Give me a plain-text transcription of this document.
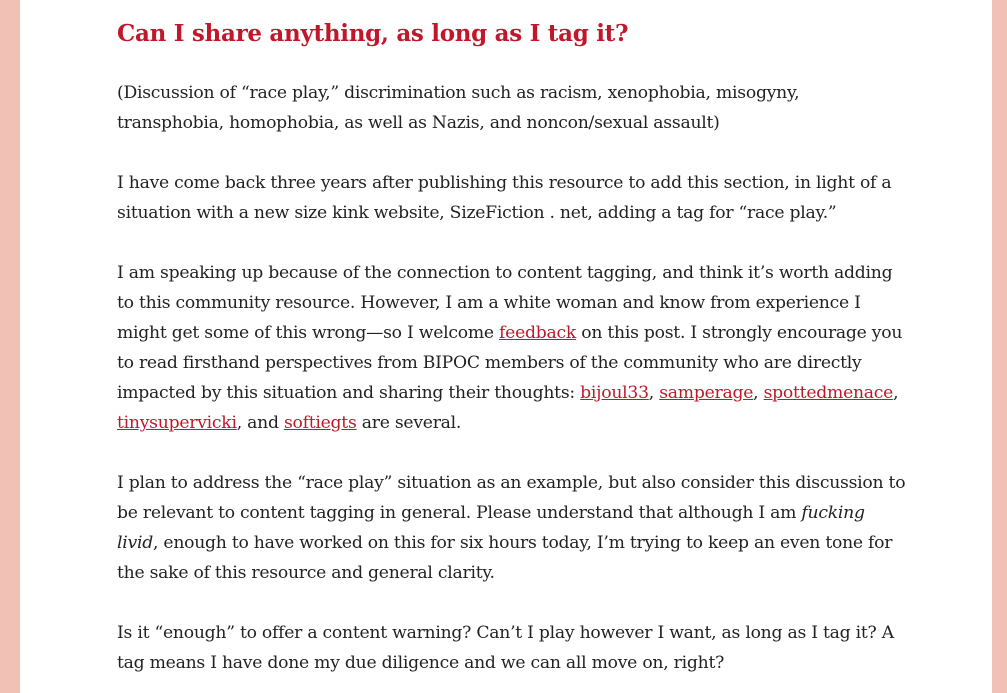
Can I share anything, as long as I tag it?

(Discussion of “race play,” discrimination such as racism, xenophobia, misogyny, transphobia, homophobia, as well as Nazis, and noncon/sexual assault)

I have come back three years after publishing this resource to add this section, in light of a situation with a new size kink website, SizeFiction . net, adding a tag for “race play.”

I am speaking up because of the connection to content tagging, and think it’s worth adding to this community resource. However, I am a white woman and know from experience I might get some of this wrong—so I welcome feedback on this post. I strongly encourage you to read firsthand perspectives from BIPOC members of the community who are directly impacted by this situation and sharing their thoughts: bijoul33, samperage, spottedmenace, tinysupervicki, and softiegts are several.

I plan to address the “race play” situation as an example, but also consider this discussion to be relevant to content tagging in general. Please understand that although I am fucking livid, enough to have worked on this for six hours today, I’m trying to keep an even tone for the sake of this resource and general clarity.

Is it “enough” to offer a content warning? Can’t I play however I want, as long as I tag it? A tag means I have done my due diligence and we can all move on, right?
